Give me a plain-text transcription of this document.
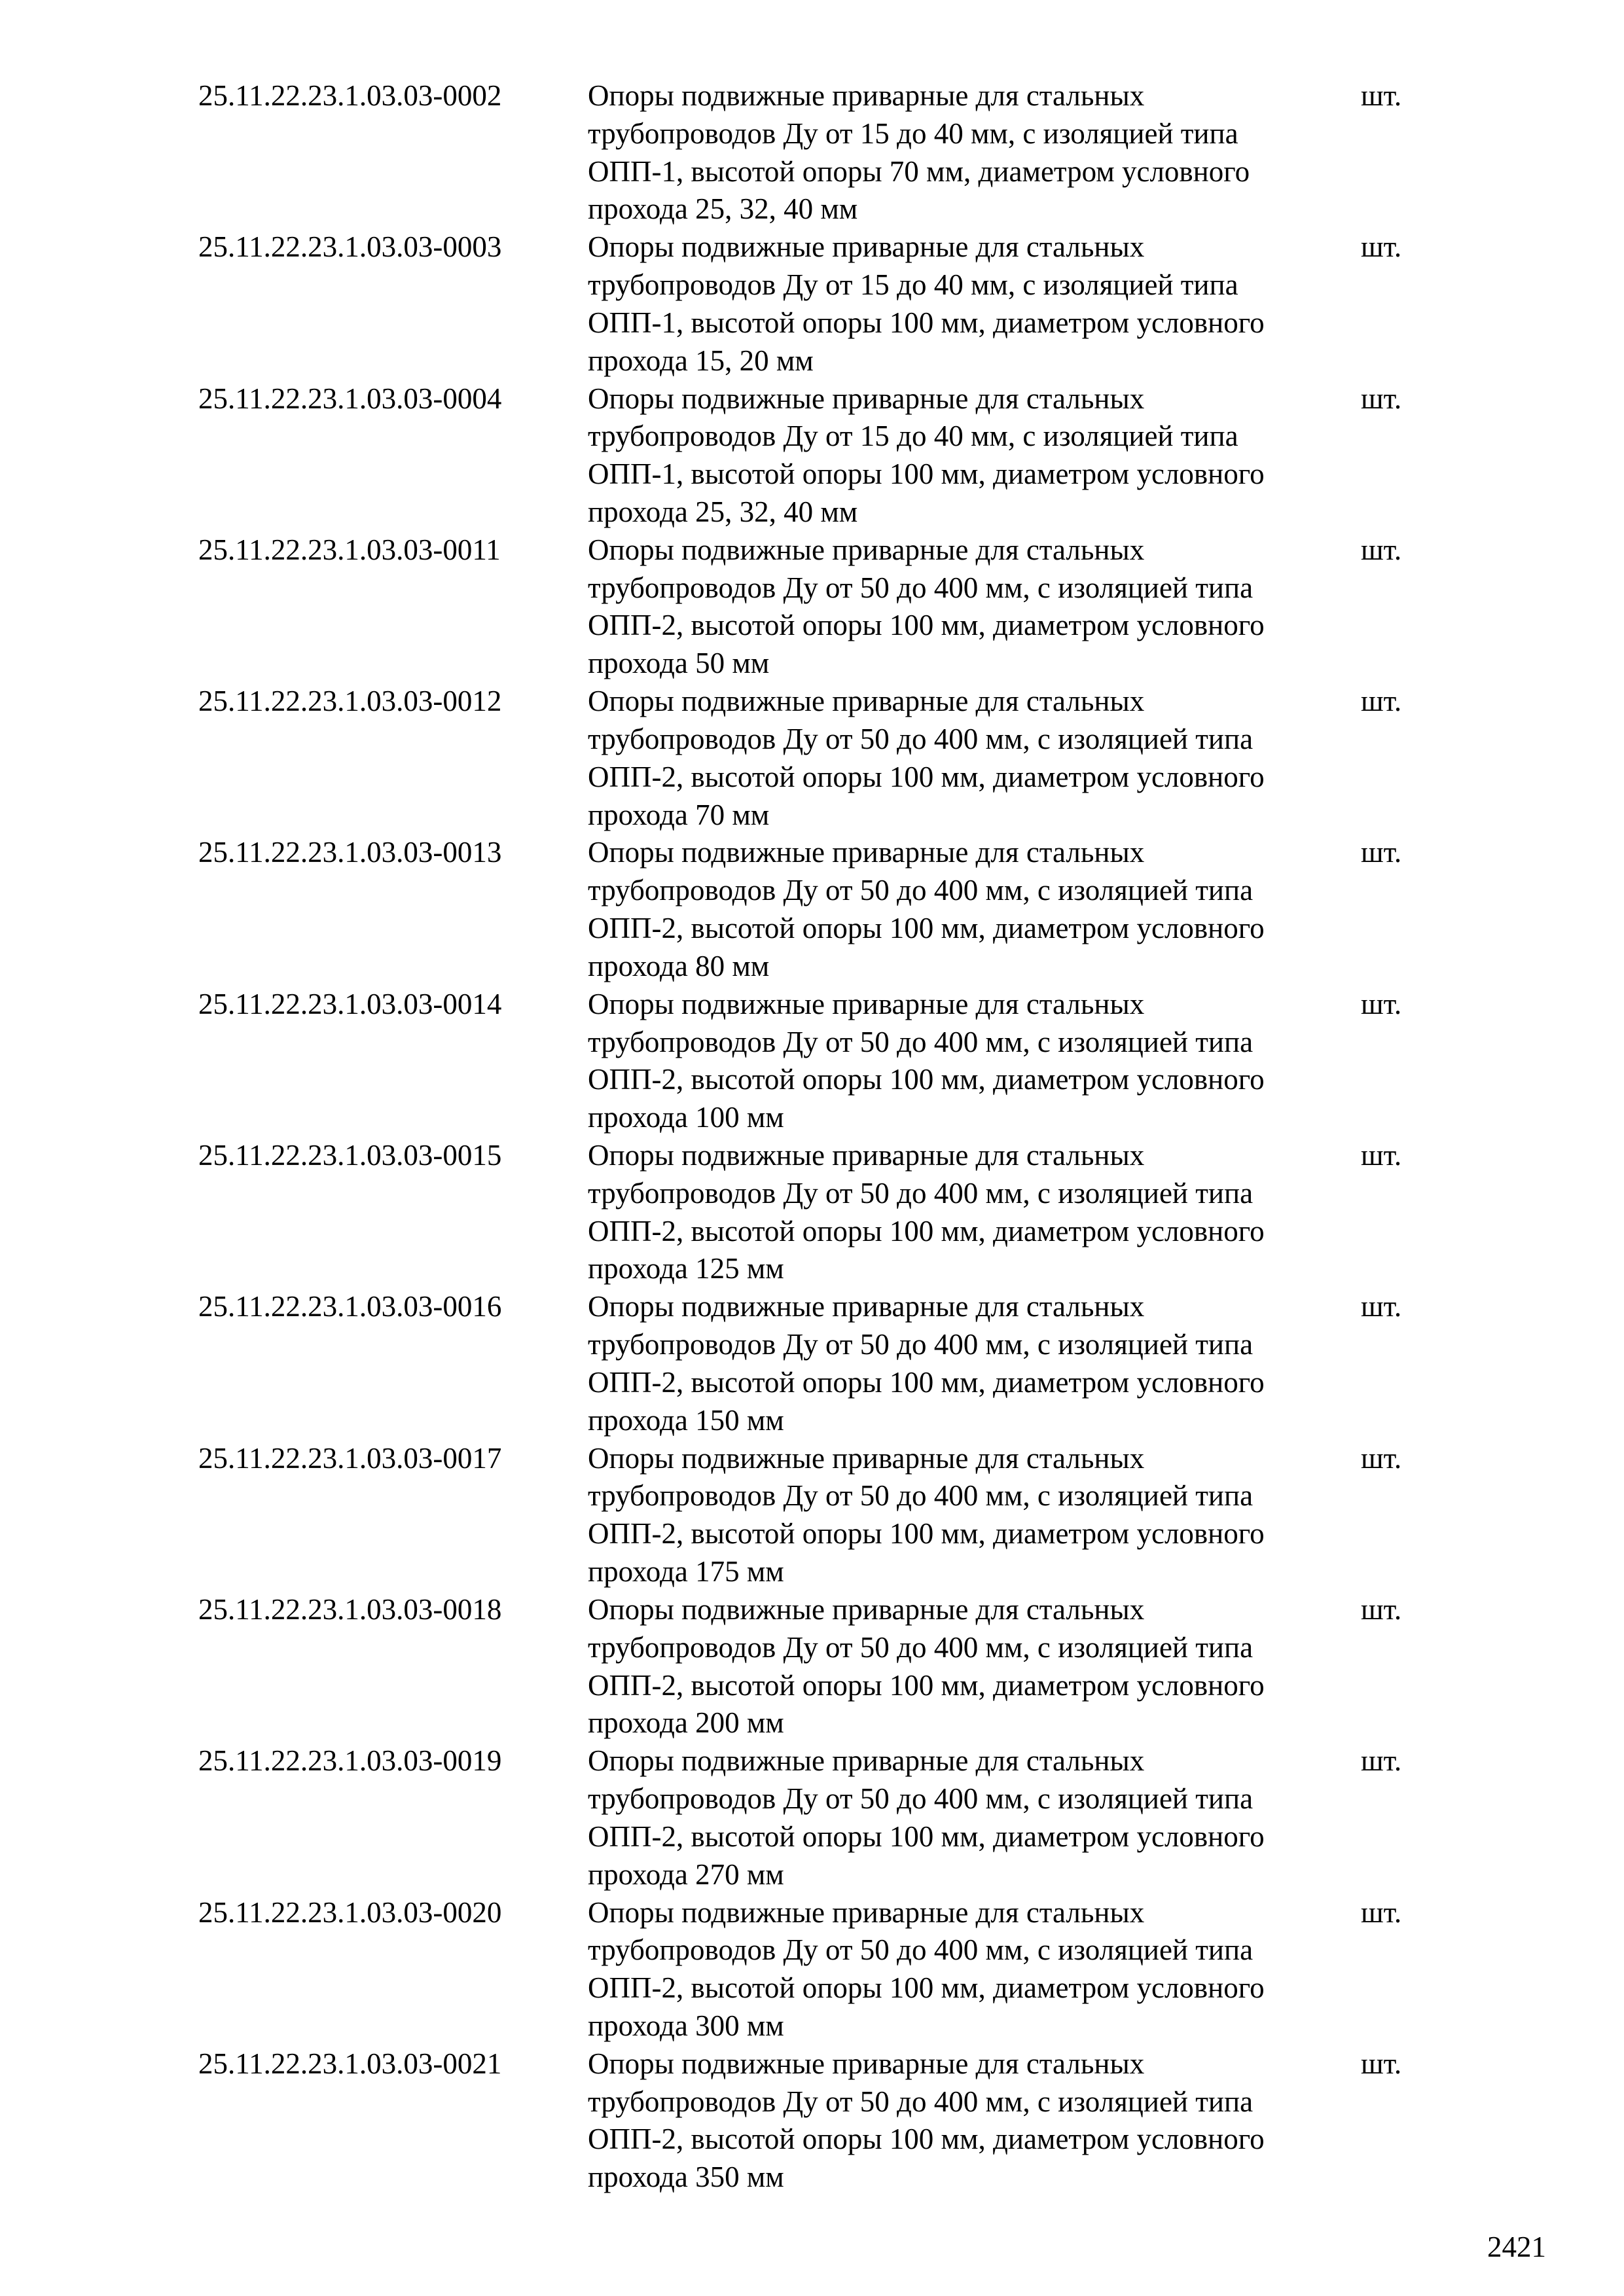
25.11.22.23.1.03.03-0002	Опоры подвижные приварные для стальных
трубопроводов Ду от 15 до 40 мм, с изоляцией типа
ОПП-1, высотой опоры 70 мм, диаметром условного
прохода 25, 32, 40 мм
шт.
25.11.22.23.1.03.03-0003	Опоры подвижные приварные для стальных
трубопроводов Ду от 15 до 40 мм, с изоляцией типа
ОПП-1, высотой опоры 100 мм, диаметром условного
прохода 15, 20 мм
шт.
25.11.22.23.1.03.03-0004	Опоры подвижные приварные для стальных
трубопроводов Ду от 15 до 40 мм, с изоляцией типа
ОПП-1, высотой опоры 100 мм, диаметром условного
прохода 25, 32, 40 мм
шт.
25.11.22.23.1.03.03-0011	Опоры подвижные приварные для стальных
трубопроводов Ду от 50 до 400 мм, с изоляцией типа
ОПП-2, высотой опоры 100 мм, диаметром условного
прохода 50 мм
шт.
25.11.22.23.1.03.03-0012	Опоры подвижные приварные для стальных
трубопроводов Ду от 50 до 400 мм, с изоляцией типа
ОПП-2, высотой опоры 100 мм, диаметром условного
прохода 70 мм
шт.
25.11.22.23.1.03.03-0013	Опоры подвижные приварные для стальных
трубопроводов Ду от 50 до 400 мм, с изоляцией типа
ОПП-2, высотой опоры 100 мм, диаметром условного
прохода 80 мм
шт.
25.11.22.23.1.03.03-0014	Опоры подвижные приварные для стальных
трубопроводов Ду от 50 до 400 мм, с изоляцией типа
ОПП-2, высотой опоры 100 мм, диаметром условного
прохода 100 мм
шт.
25.11.22.23.1.03.03-0015	Опоры подвижные приварные для стальных
трубопроводов Ду от 50 до 400 мм, с изоляцией типа
ОПП-2, высотой опоры 100 мм, диаметром условного
прохода 125 мм
шт.
25.11.22.23.1.03.03-0016	Опоры подвижные приварные для стальных
трубопроводов Ду от 50 до 400 мм, с изоляцией типа
ОПП-2, высотой опоры 100 мм, диаметром условного
прохода 150 мм
шт.
25.11.22.23.1.03.03-0017	Опоры подвижные приварные для стальных
трубопроводов Ду от 50 до 400 мм, с изоляцией типа
ОПП-2, высотой опоры 100 мм, диаметром условного
прохода 175 мм
шт.
25.11.22.23.1.03.03-0018	Опоры подвижные приварные для стальных
трубопроводов Ду от 50 до 400 мм, с изоляцией типа
ОПП-2, высотой опоры 100 мм, диаметром условного
прохода 200 мм
шт.
25.11.22.23.1.03.03-0019	Опоры подвижные приварные для стальных
трубопроводов Ду от 50 до 400 мм, с изоляцией типа
ОПП-2, высотой опоры 100 мм, диаметром условного
прохода 270 мм
шт.
25.11.22.23.1.03.03-0020	Опоры подвижные приварные для стальных
трубопроводов Ду от 50 до 400 мм, с изоляцией типа
ОПП-2, высотой опоры 100 мм, диаметром условного
прохода 300 мм
шт.
25.11.22.23.1.03.03-0021	Опоры подвижные приварные для стальных
трубопроводов Ду от 50 до 400 мм, с изоляцией типа
ОПП-2, высотой опоры 100 мм, диаметром условного
прохода 350 мм
шт.
2421
